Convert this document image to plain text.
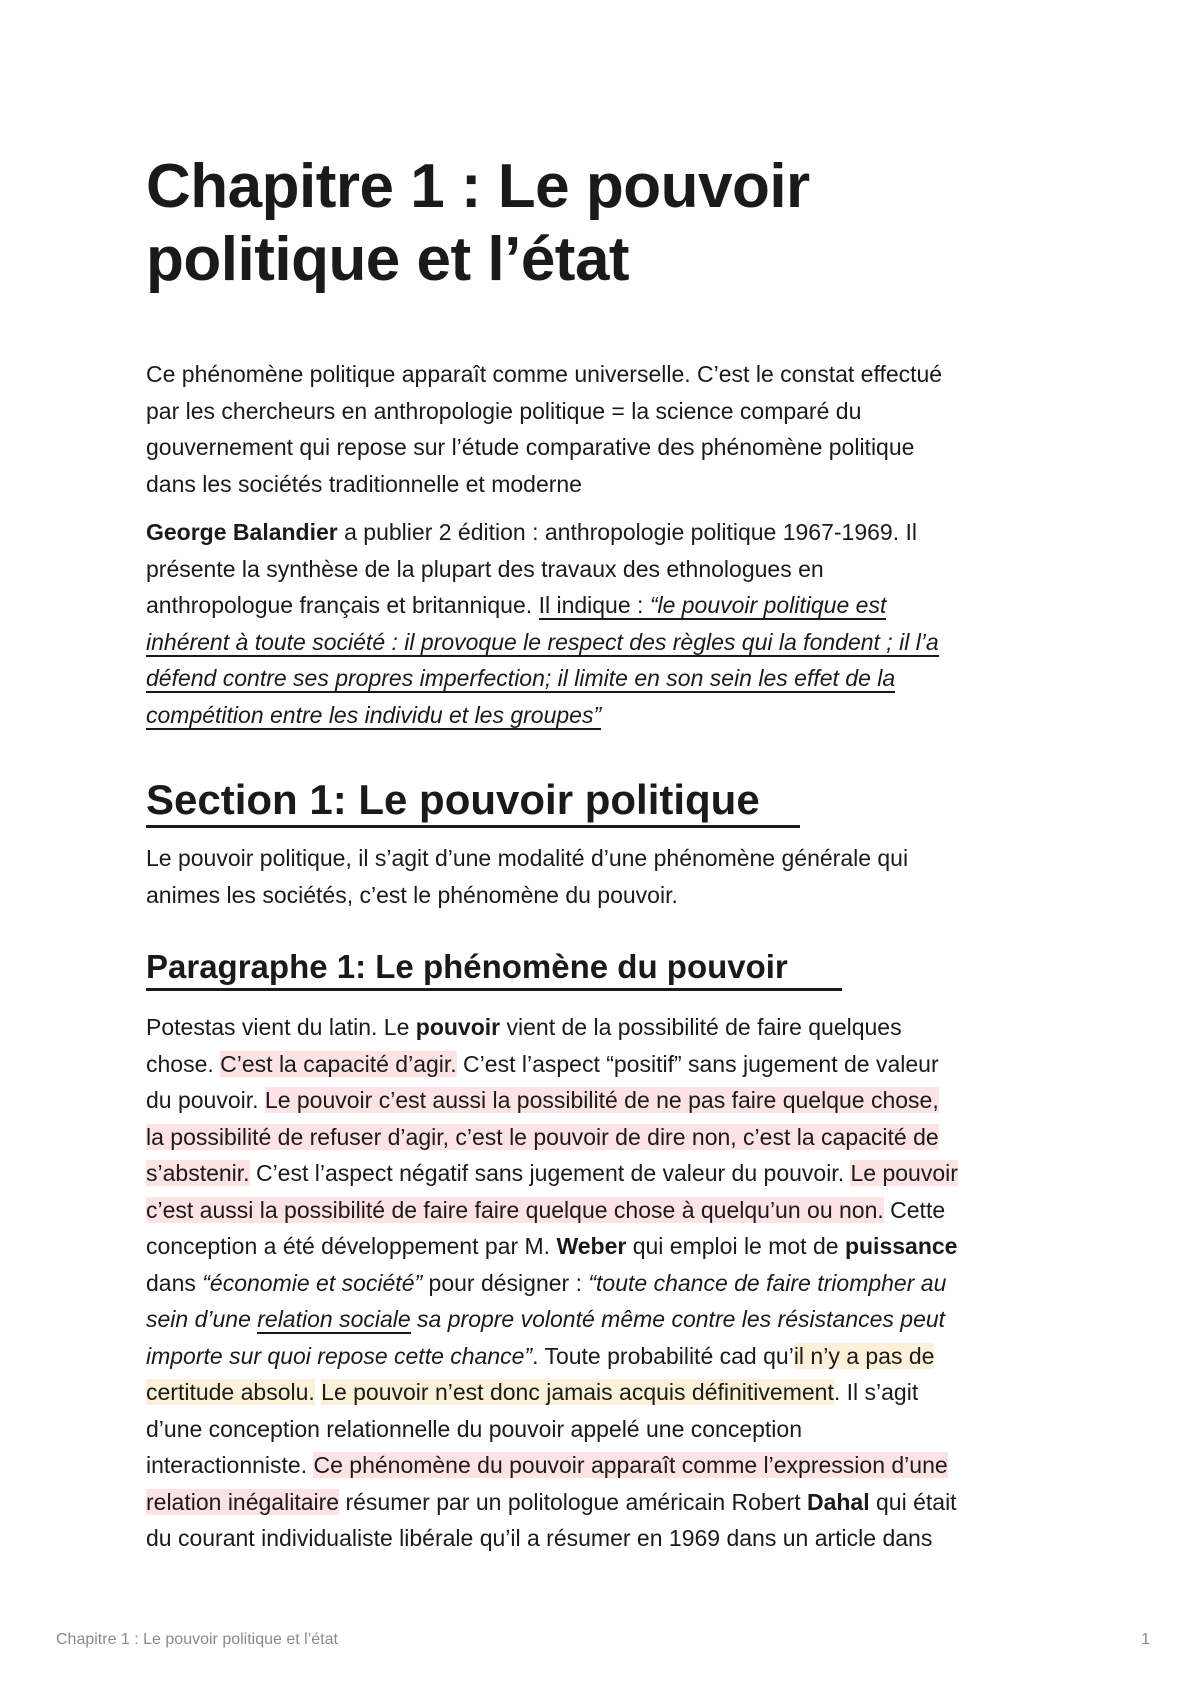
Chapitre 1 : Le pouvoir politique et l’état
Ce phénomène politique apparaît comme universelle. C’est le constat effectué
par les chercheurs en anthropologie politique = la science comparé du
gouvernement qui repose sur l’étude comparative des phénomène politique
dans les sociétés traditionnelle et moderne
George Balandier a publier 2 édition : anthropologie politique 1967-1969. Il
présente la synthèse de la plupart des travaux des ethnologues en
anthropologue français et britannique. Il indique : “le pouvoir politique est
inhérent à toute société : il provoque le respect des règles qui la fondent ; il l’a
défend contre ses propres imperfection; il limite en son sein les effet de la
compétition entre les individu et les groupes”
Section 1: Le pouvoir politique
Le pouvoir politique, il s’agit d’une modalité d’une phénomène générale qui
animes les sociétés, c’est le phénomène du pouvoir.
Paragraphe 1: Le phénomène du pouvoir
Potestas vient du latin. Le pouvoir vient de la possibilité de faire quelques
chose. C’est la capacité d’agir. C’est l’aspect “positif” sans jugement de valeur
du pouvoir. Le pouvoir c’est aussi la possibilité de ne pas faire quelque chose,
la possibilité de refuser d’agir, c’est le pouvoir de dire non, c’est la capacité de
s’abstenir. C’est l’aspect négatif sans jugement de valeur du pouvoir. Le pouvoir
c’est aussi la possibilité de faire faire quelque chose à quelqu’un ou non. Cette
conception a été développement par M. Weber qui emploi le mot de puissance
dans “économie et société” pour désigner : “toute chance de faire triompher au
sein d’une relation sociale sa propre volonté même contre les résistances peut
importe sur quoi repose cette chance”. Toute probabilité cad qu’il n’y a pas de
certitude absolu. Le pouvoir n’est donc jamais acquis définitivement. Il s’agit
d’une conception relationnelle du pouvoir appelé une conception
interactionniste. Ce phénomène du pouvoir apparaît comme l’expression d’une
relation inégalitaire résumer par un politologue américain Robert Dahal qui était
du courant individualiste libérale qu’il a résumer en 1969 dans un article dans
Chapitre 1 : Le pouvoir politique et l’état	1
